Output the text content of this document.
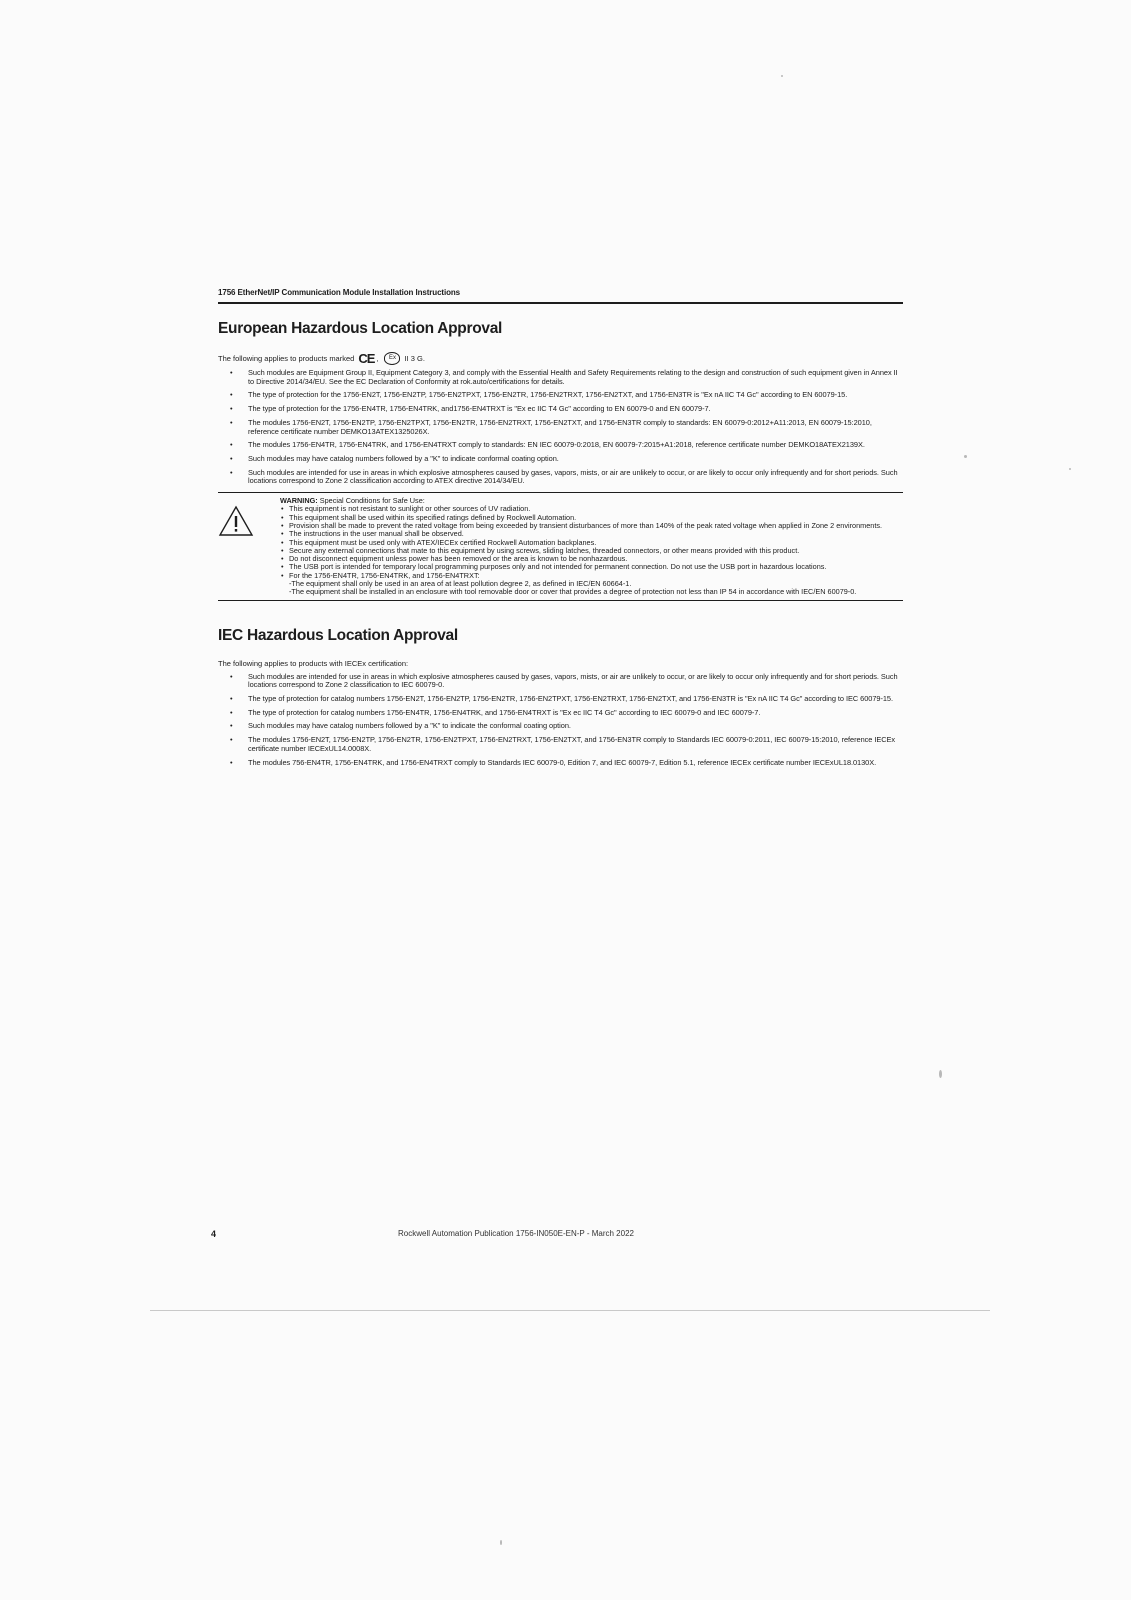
1756 EtherNet/IP Communication Module Installation Instructions
European Hazardous Location Approval
The following applies to products marked CE ,	Ex	II 3 G.
• Such modules are Equipment Group II, Equipment Category 3, and comply with the Essential Health and Safety Requirements relating to the design and construction of such equipment given in Annex II to Directive 2014/34/EU. See the EC Declaration of Conformity at rok.auto/certifications for details.
• The type of protection for the 1756-EN2T, 1756-EN2TP, 1756-EN2TPXT, 1756-EN2TR, 1756-EN2TRXT, 1756-EN2TXT, and 1756-EN3TR is "Ex nA IIC T4 Gc" according to EN 60079-15.
• The type of protection for the 1756-EN4TR, 1756-EN4TRK, and1756-EN4TRXT is "Ex ec IIC T4 Gc" according to EN 60079-0 and EN 60079-7.
• The modules 1756-EN2T, 1756-EN2TP, 1756-EN2TPXT, 1756-EN2TR, 1756-EN2TRXT, 1756-EN2TXT, and 1756-EN3TR comply to standards: EN 60079-0:2012+A11:2013, EN 60079-15:2010, reference certificate number DEMKO13ATEX1325026X.
• The modules 1756-EN4TR, 1756-EN4TRK, and 1756-EN4TRXT comply to standards: EN IEC 60079-0:2018, EN 60079-7:2015+A1:2018, reference certificate number DEMKO18ATEX2139X.
• Such modules may have catalog numbers followed by a "K" to indicate conformal coating option.
• Such modules are intended for use in areas in which explosive atmospheres caused by gases, vapors, mists, or air are unlikely to occur, or are likely to occur only infrequently and for short periods. Such locations correspond to Zone 2 classification according to ATEX directive 2014/34/EU.
WARNING: Special Conditions for Safe Use:
• This equipment is not resistant to sunlight or other sources of UV radiation.
• This equipment shall be used within its specified ratings defined by Rockwell Automation.
• Provision shall be made to prevent the rated voltage from being exceeded by transient disturbances of more than 140% of the peak rated voltage when applied in Zone 2 environments.
• The instructions in the user manual shall be observed.
• This equipment must be used only with ATEX/IECEx certified Rockwell Automation backplanes.
• Secure any external connections that mate to this equipment by using screws, sliding latches, threaded connectors, or other means provided with this product.
• Do not disconnect equipment unless power has been removed or the area is known to be nonhazardous.
• The USB port is intended for temporary local programming purposes only and not intended for permanent connection. Do not use the USB port in hazardous locations.
• For the 1756-EN4TR, 1756-EN4TRK, and 1756-EN4TRXT:
-The equipment shall only be used in an area of at least pollution degree 2, as defined in IEC/EN 60664-1.
-The equipment shall be installed in an enclosure with tool removable door or cover that provides a degree of protection not less than IP 54 in accordance with IEC/EN 60079-0.
IEC Hazardous Location Approval
The following applies to products with IECEx certification:
• Such modules are intended for use in areas in which explosive atmospheres caused by gases, vapors, mists, or air are unlikely to occur, or are likely to occur only infrequently and for short periods. Such locations correspond to Zone 2 classification to IEC 60079-0.
• The type of protection for catalog numbers 1756-EN2T, 1756-EN2TP, 1756-EN2TR, 1756-EN2TPXT, 1756-EN2TRXT, 1756-EN2TXT, and 1756-EN3TR is "Ex nA IIC T4 Gc" according to IEC 60079-15.
• The type of protection for catalog numbers 1756-EN4TR, 1756-EN4TRK, and 1756-EN4TRXT is "Ex ec IIC T4 Gc" according to IEC 60079-0 and IEC 60079-7.
• Such modules may have catalog numbers followed by a "K" to indicate the conformal coating option.
• The modules 1756-EN2T, 1756-EN2TP, 1756-EN2TR, 1756-EN2TPXT, 1756-EN2TRXT, 1756-EN2TXT, and 1756-EN3TR comply to Standards IEC 60079-0:2011, IEC 60079-15:2010, reference IECEx certificate number IECExUL14.0008X.
• The modules 756-EN4TR, 1756-EN4TRK, and 1756-EN4TRXT comply to Standards IEC 60079-0, Edition 7, and IEC 60079-7, Edition 5.1, reference IECEx certificate number IECExUL18.0130X.
4	Rockwell Automation Publication 1756-IN050E-EN-P - March 2022
